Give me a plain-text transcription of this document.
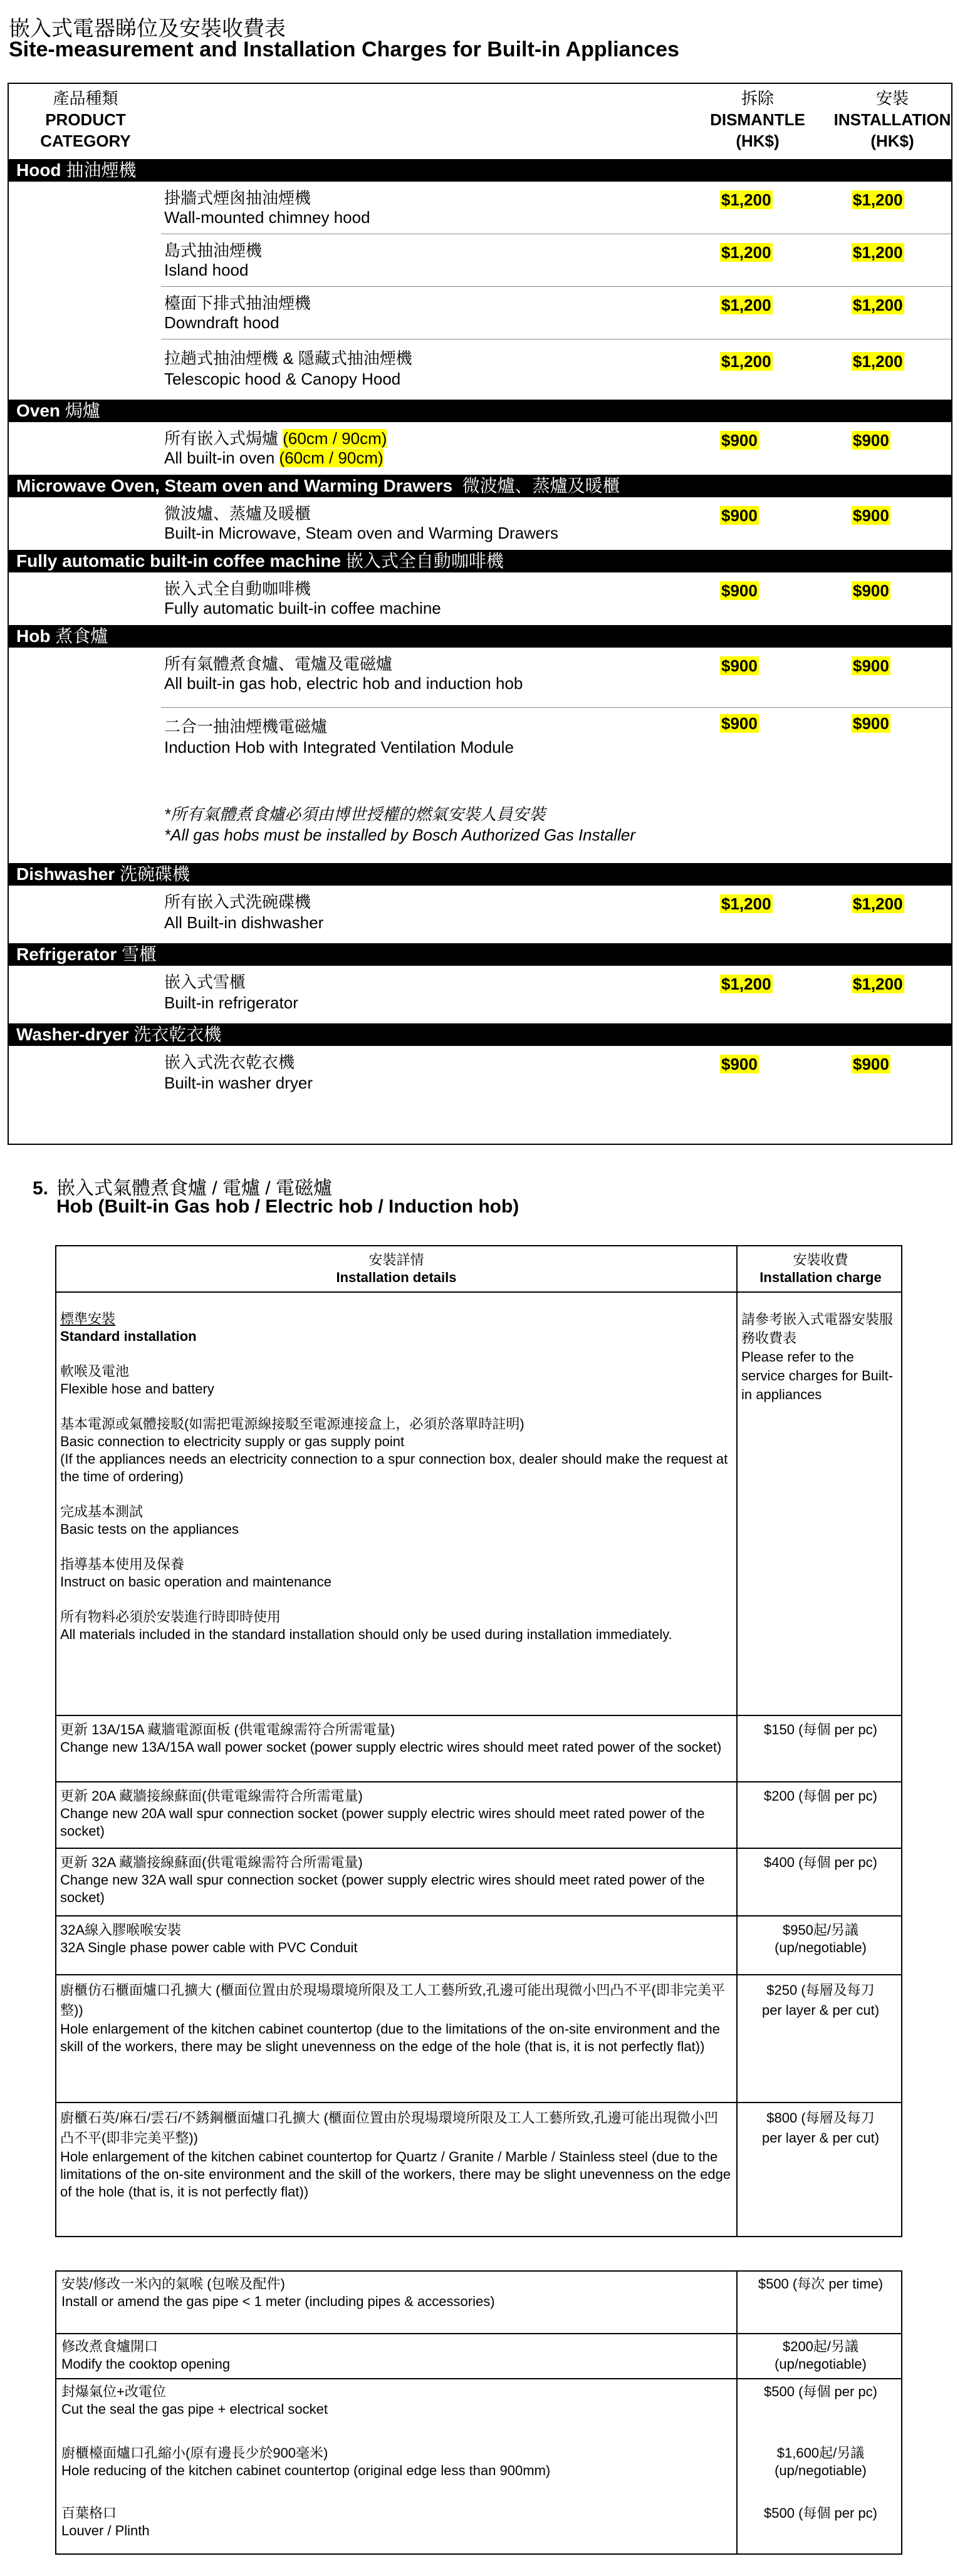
嵌入式電器睇位及安裝收費表
Site-measurement and Installation Charges for Built-in Appliances
產品種類
PRODUCT
CATEGORY
拆除
DISMANTLE
(HK$)
安裝
INSTALLATION
(HK$)
Hood 抽油煙機
掛牆式煙囪抽油煙機
Wall-mounted chimney hood
$1,200	$1,200
島式抽油煙機
Island hood
$1,200	$1,200
檯面下排式抽油煙機
Downdraft hood
$1,200	$1,200
拉趟式抽油煙機 & 隱藏式抽油煙機
Telescopic hood & Canopy Hood
$1,200	$1,200
Oven 焗爐
所有嵌入式焗爐 (60cm / 90cm)
All built-in oven (60cm / 90cm)
$900	$900
Microwave Oven, Steam oven and Warming Drawers 微波爐、蒸爐及暖櫃
微波爐、蒸爐及暖櫃
Built-in Microwave, Steam oven and Warming Drawers
$900	$900
Fully automatic built-in coffee machine 嵌入式全自動咖啡機
嵌入式全自動咖啡機
Fully automatic built-in coffee machine
$900	$900
Hob 煮食爐
所有氣體煮食爐、電爐及電磁爐
All built-in gas hob, electric hob and induction hob
$900	$900
二合一抽油煙機電磁爐
Induction Hob with Integrated Ventilation Module
$900	$900
*所有氣體煮食爐必須由博世授權的燃氣安裝人員安裝
*All gas hobs must be installed by Bosch Authorized Gas Installer
Dishwasher 洗碗碟機
所有嵌入式洗碗碟機
All Built-in dishwasher
$1,200	$1,200
Refrigerator 雪櫃
嵌入式雪櫃
Built-in refrigerator
$1,200	$1,200
Washer-dryer 洗衣乾衣機
嵌入式洗衣乾衣機
Built-in washer dryer
$900	$900
5. 嵌入式氣體煮食爐 / 電爐 / 電磁爐
Hob (Built-in Gas hob / Electric hob / Induction hob)
安裝詳情
Installation details
安裝收費
Installation charge

標準安裝
Standard installation

軟喉及電池
Flexible hose and battery

基本電源或氣體接駁(如需把電源線接駁至電源連接盒上，必須於落單時註明)
Basic connection to electricity supply or gas supply point
(If the appliances needs an electricity connection to a spur connection box, dealer should make the request at the time of ordering)

完成基本測試
Basic tests on the appliances

指導基本使用及保養
Instruct on basic operation and maintenance

所有物料必須於安裝進行時即時使用
All materials included in the standard installation should only be used during installation immediately.

請參考嵌入式電器安裝服務收費表
Please refer to the service charges for Built-in appliances
更新 13A/15A 藏牆電源面板 (供電電線需符合所需電量)
Change new 13A/15A wall power socket (power supply electric wires should meet rated power of the socket)
$150 (每個 per pc)
更新 20A 藏牆接線蘇面(供電電線需符合所需電量)
Change new 20A wall spur connection socket (power supply electric wires should meet rated power of the socket)
$200 (每個 per pc)
更新 32A 藏牆接線蘇面(供電電線需符合所需電量)
Change new 32A wall spur connection socket (power supply electric wires should meet rated power of the socket)
$400 (每個 per pc)
32A線入膠喉喉安裝
32A Single phase power cable with PVC Conduit
$950起/另議
(up/negotiable)
廚櫃仿石櫃面爐口孔擴大 (櫃面位置由於現場環境所限及工人工藝所致,孔邊可能出現微小凹凸不平(即非完美平整))
Hole enlargement of the kitchen cabinet countertop (due to the limitations of the on-site environment and the skill of the workers, there may be slight unevenness on the edge of the hole (that is, it is not perfectly flat))
$250 (每層及每刀
per layer & per cut)
廚櫃石英/麻石/雲石/不銹鋼櫃面爐口孔擴大 (櫃面位置由於現場環境所限及工人工藝所致,孔邊可能出現微小凹凸不平(即非完美平整))
Hole enlargement of the kitchen cabinet countertop for Quartz / Granite / Marble / Stainless steel (due to the limitations of the on-site environment and the skill of the workers, there may be slight unevenness on the edge of the hole (that is, it is not perfectly flat))
$800 (每層及每刀
per layer & per cut)
安裝/修改一米內的氣喉 (包喉及配件)
Install or amend the gas pipe < 1 meter (including pipes & accessories)
$500 (每次 per time)
修改煮食爐開口
Modify the cooktop opening
$200起/另議
(up/negotiable)
封爆氣位+改電位
Cut the seal the gas pipe + electrical socket
$500 (每個 per pc)
廚櫃檯面爐口孔縮小(原有邊長少於900毫米)
Hole reducing of the kitchen cabinet countertop (original edge less than 900mm)
$1,600起/另議
(up/negotiable)
百葉格口
Louver / Plinth
$500 (每個 per pc)
